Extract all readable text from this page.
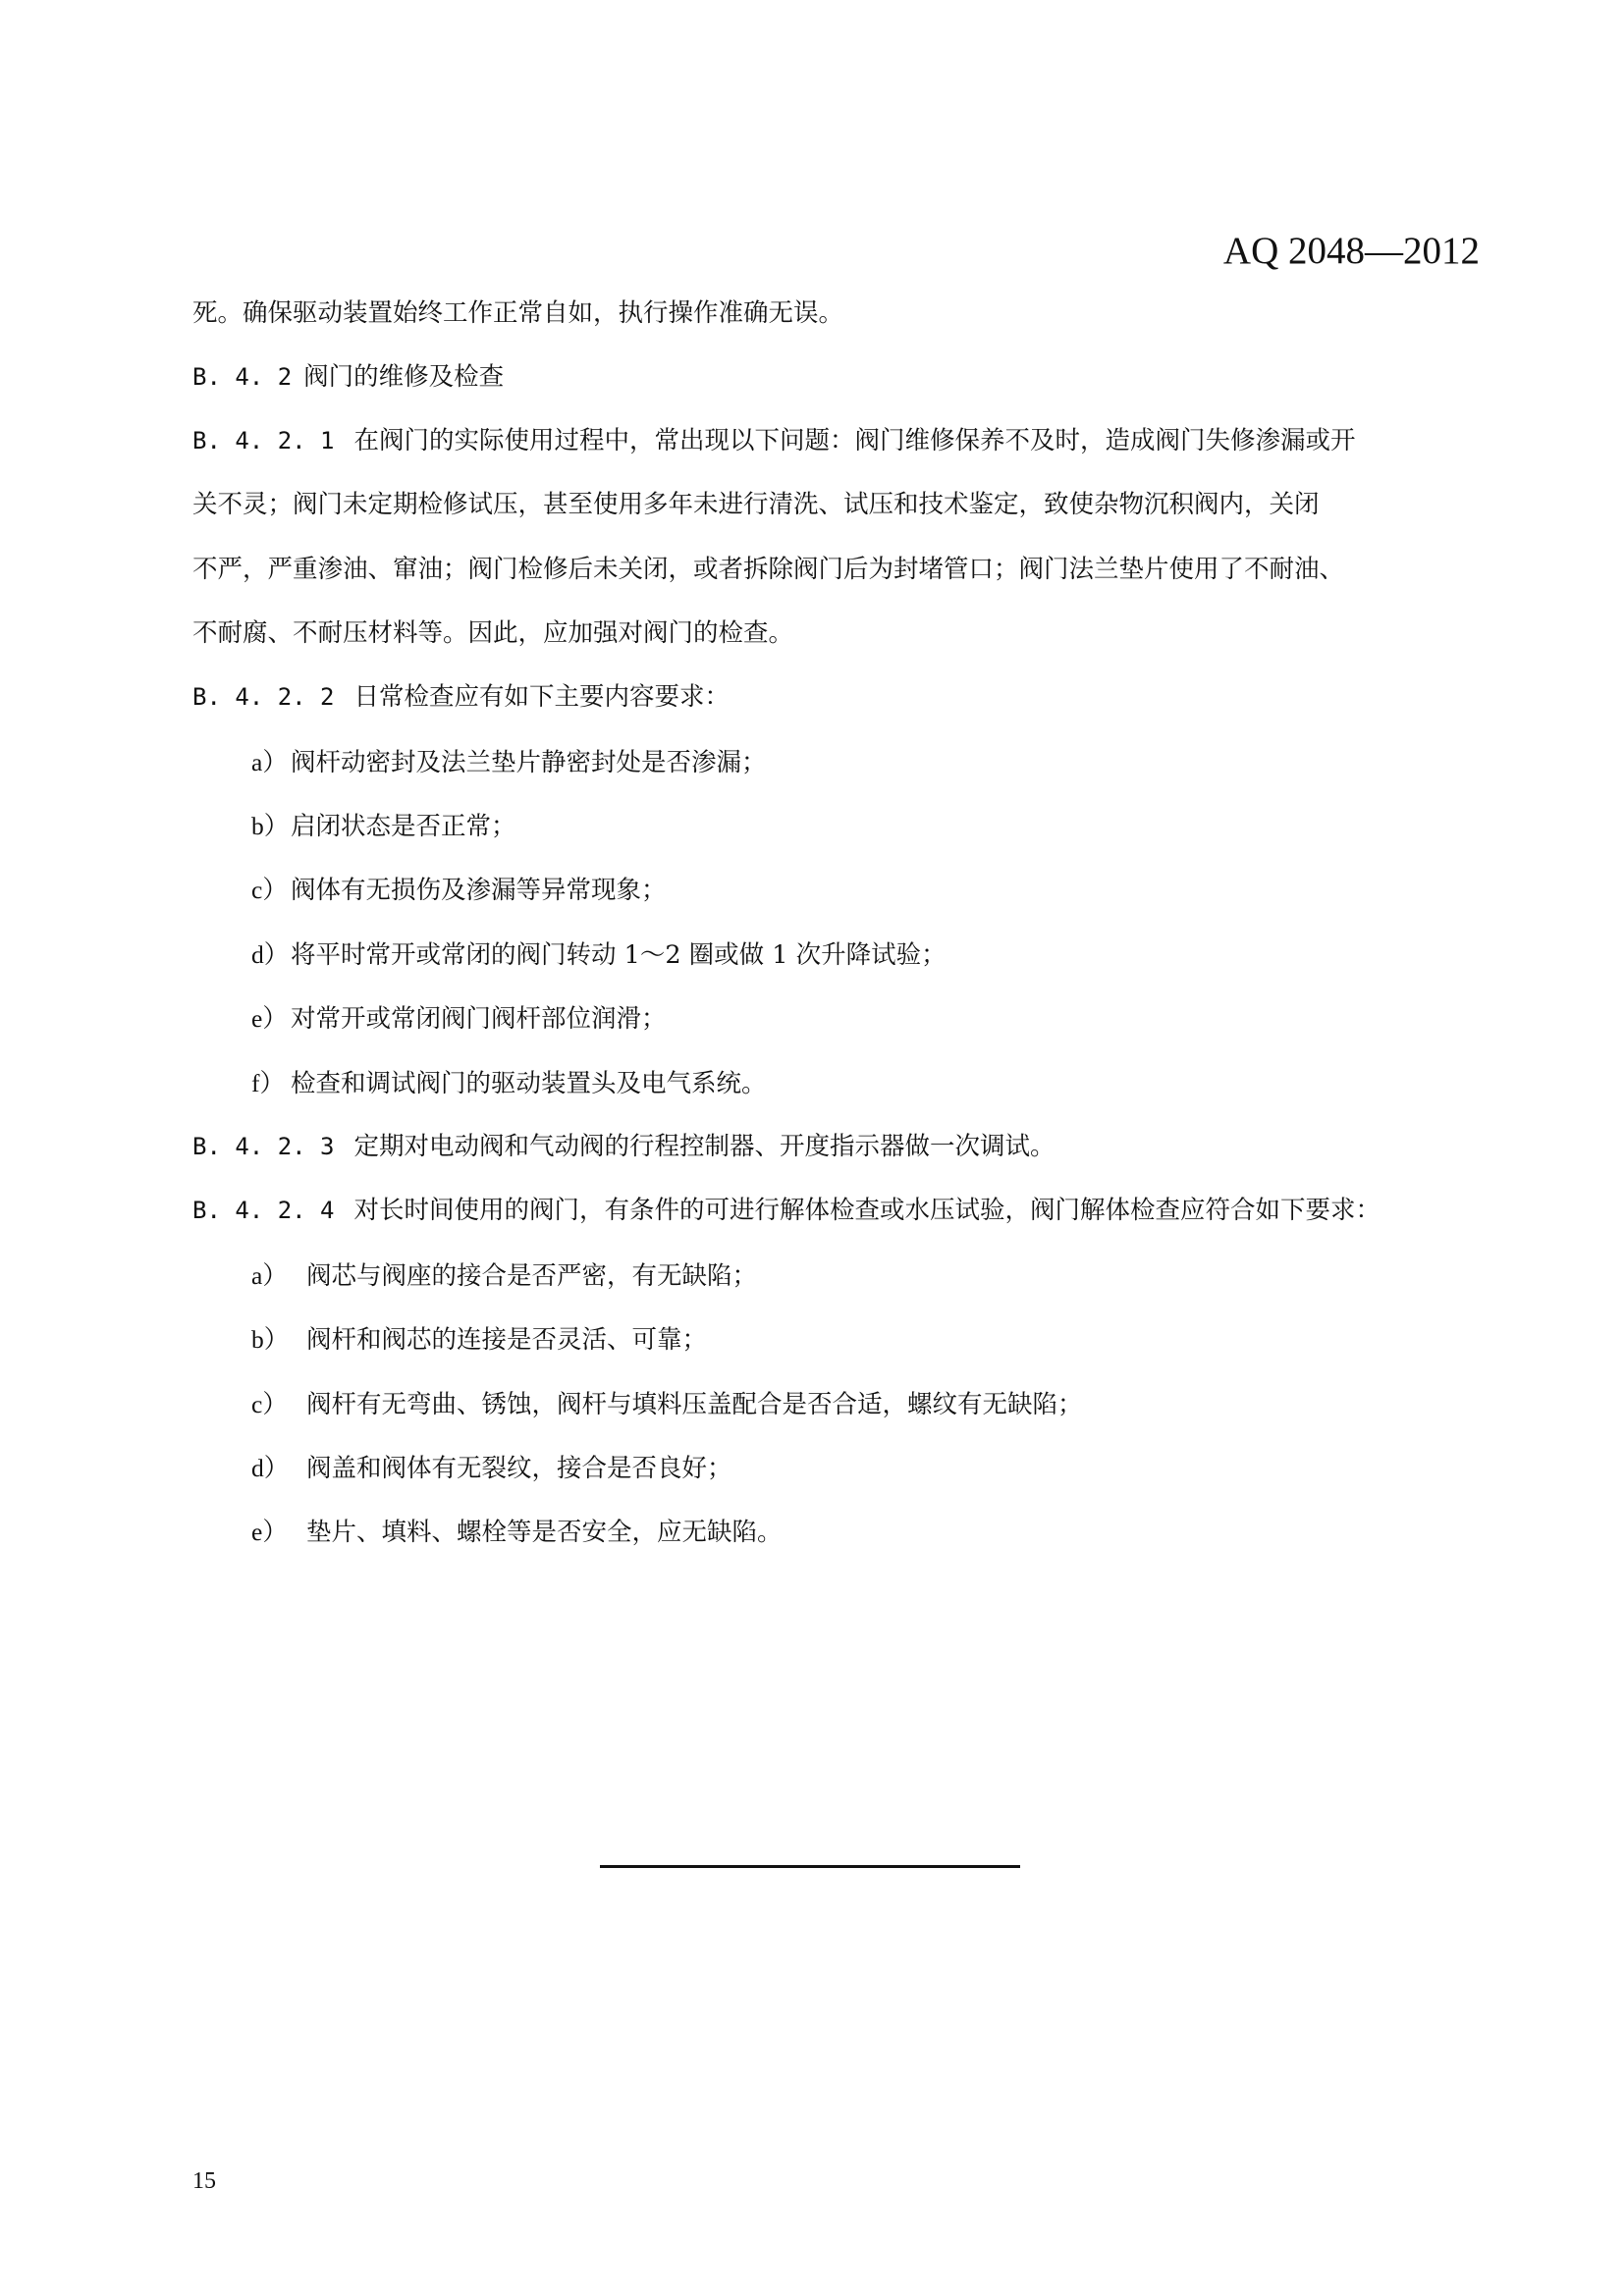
AQ 2048—2012
死。确保驱动装置始终工作正常自如，执行操作准确无误。
B. 4. 2 阀门的维修及检查
B. 4. 2. 1 在阀门的实际使用过程中，常出现以下问题：阀门维修保养不及时，造成阀门失修渗漏或开
关不灵；阀门未定期检修试压，甚至使用多年未进行清洗、试压和技术鉴定，致使杂物沉积阀内，关闭
不严，严重渗油、窜油；阀门检修后未关闭，或者拆除阀门后为封堵管口；阀门法兰垫片使用了不耐油、
不耐腐、不耐压材料等。因此，应加强对阀门的检查。
B. 4. 2. 2 日常检查应有如下主要内容要求：
a） 阀杆动密封及法兰垫片静密封处是否渗漏；
b）启闭状态是否正常；
c） 阀体有无损伤及渗漏等异常现象；
d）将平时常开或常闭的阀门转动 1～2 圈或做 1 次升降试验；
e） 对常开或常闭阀门阀杆部位润滑；
f） 检查和调试阀门的驱动装置头及电气系统。
B. 4. 2. 3 定期对电动阀和气动阀的行程控制器、开度指示器做一次调试。
B. 4. 2. 4 对长时间使用的阀门，有条件的可进行解体检查或水压试验，阀门解体检查应符合如下要求：
a） 阀芯与阀座的接合是否严密，有无缺陷；
b） 阀杆和阀芯的连接是否灵活、可靠；
c） 阀杆有无弯曲、锈蚀，阀杆与填料压盖配合是否合适，螺纹有无缺陷；
d） 阀盖和阀体有无裂纹，接合是否良好；
e） 垫片、填料、螺栓等是否安全，应无缺陷。
15
